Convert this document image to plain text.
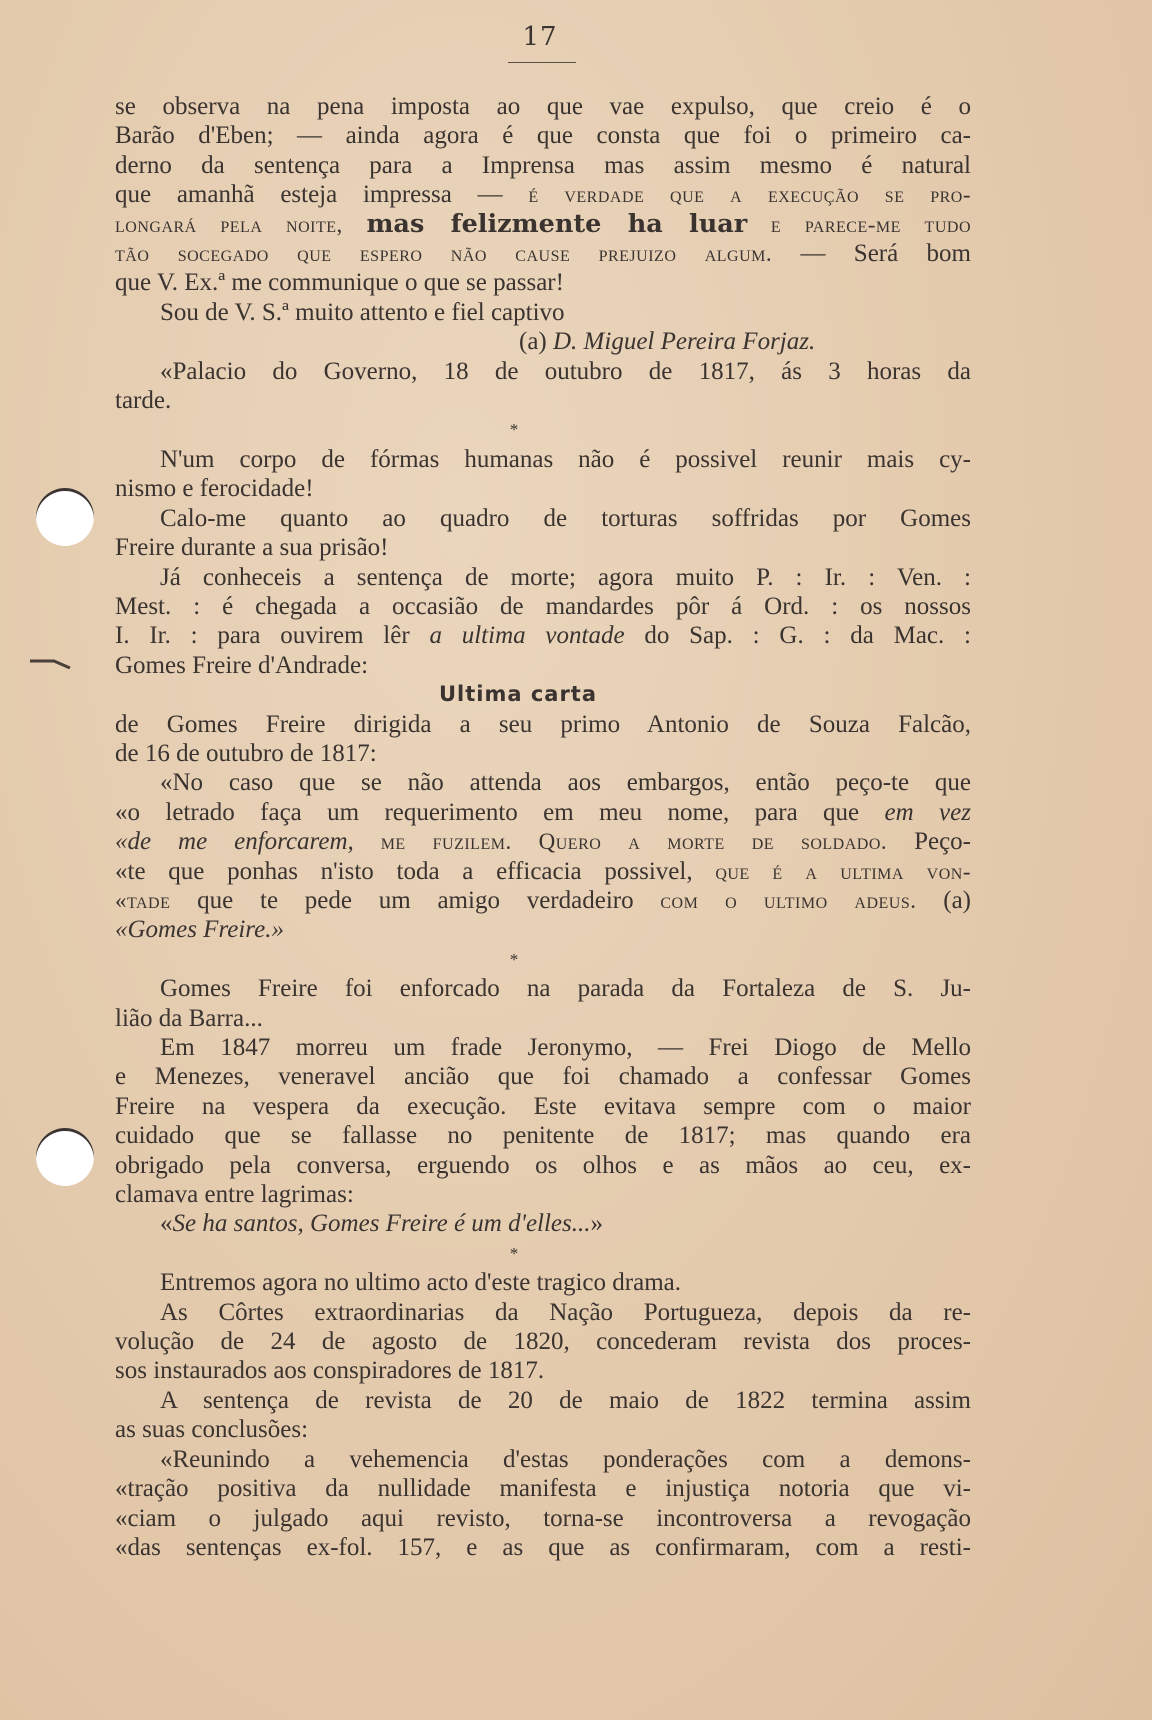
17
se observa na pena imposta ao que vae expulso, que creio é o
Barão d'Eben; — ainda agora é que consta que foi o primeiro ca-
derno da sentença para a Imprensa mas assim mesmo é natural
que amanhã esteja impressa — é verdade que a execução se pro-
longará pela noite, mas felizmente ha luar e parece-me tudo
tão socegado que espero não cause prejuizo algum. — Será bom
que V. Ex.ª me communique o que se passar!
Sou de V. S.ª muito attento e fiel captivo
(a) D. Miguel Pereira Forjaz.
«Palacio do Governo, 18 de outubro de 1817, ás 3 horas da
tarde.
*
N'um corpo de fórmas humanas não é possivel reunir mais cy-
nismo e ferocidade!
Calo-me quanto ao quadro de torturas soffridas por Gomes
Freire durante a sua prisão!
Já conheceis a sentença de morte; agora muito P. : Ir. : Ven. :
Mest. : é chegada a occasião de mandardes pôr á Ord. : os nossos
I. Ir. : para ouvirem lêr a ultima vontade do Sap. : G. : da Mac. :
Gomes Freire d'Andrade:
Ultima carta
de Gomes Freire dirigida a seu primo Antonio de Souza Falcão,
de 16 de outubro de 1817:
«No caso que se não attenda aos embargos, então peço-te que
«o letrado faça um requerimento em meu nome, para que em vez
«de me enforcarem, me fuzilem. Quero a morte de soldado. Peço-
«te que ponhas n'isto toda a efficacia possivel, que é a ultima von-
«tade que te pede um amigo verdadeiro com o ultimo adeus. (a)
«Gomes Freire.»
*
Gomes Freire foi enforcado na parada da Fortaleza de S. Ju-
lião da Barra...
Em 1847 morreu um frade Jeronymo, — Frei Diogo de Mello
e Menezes, veneravel ancião que foi chamado a confessar Gomes
Freire na vespera da execução. Este evitava sempre com o maior
cuidado que se fallasse no penitente de 1817; mas quando era
obrigado pela conversa, erguendo os olhos e as mãos ao ceu, ex-
clamava entre lagrimas:
«Se ha santos, Gomes Freire é um d'elles...»
*
Entremos agora no ultimo acto d'este tragico drama.
As Côrtes extraordinarias da Nação Portugueza, depois da re-
volução de 24 de agosto de 1820, concederam revista dos proces-
sos instaurados aos conspiradores de 1817.
A sentença de revista de 20 de maio de 1822 termina assim
as suas conclusões:
«Reunindo a vehemencia d'estas ponderações com a demons-
«tração positiva da nullidade manifesta e injustiça notoria que vi-
«ciam o julgado aqui revisto, torna-se incontroversa a revogação
«das sentenças ex-fol. 157, e as que as confirmaram, com a resti-
